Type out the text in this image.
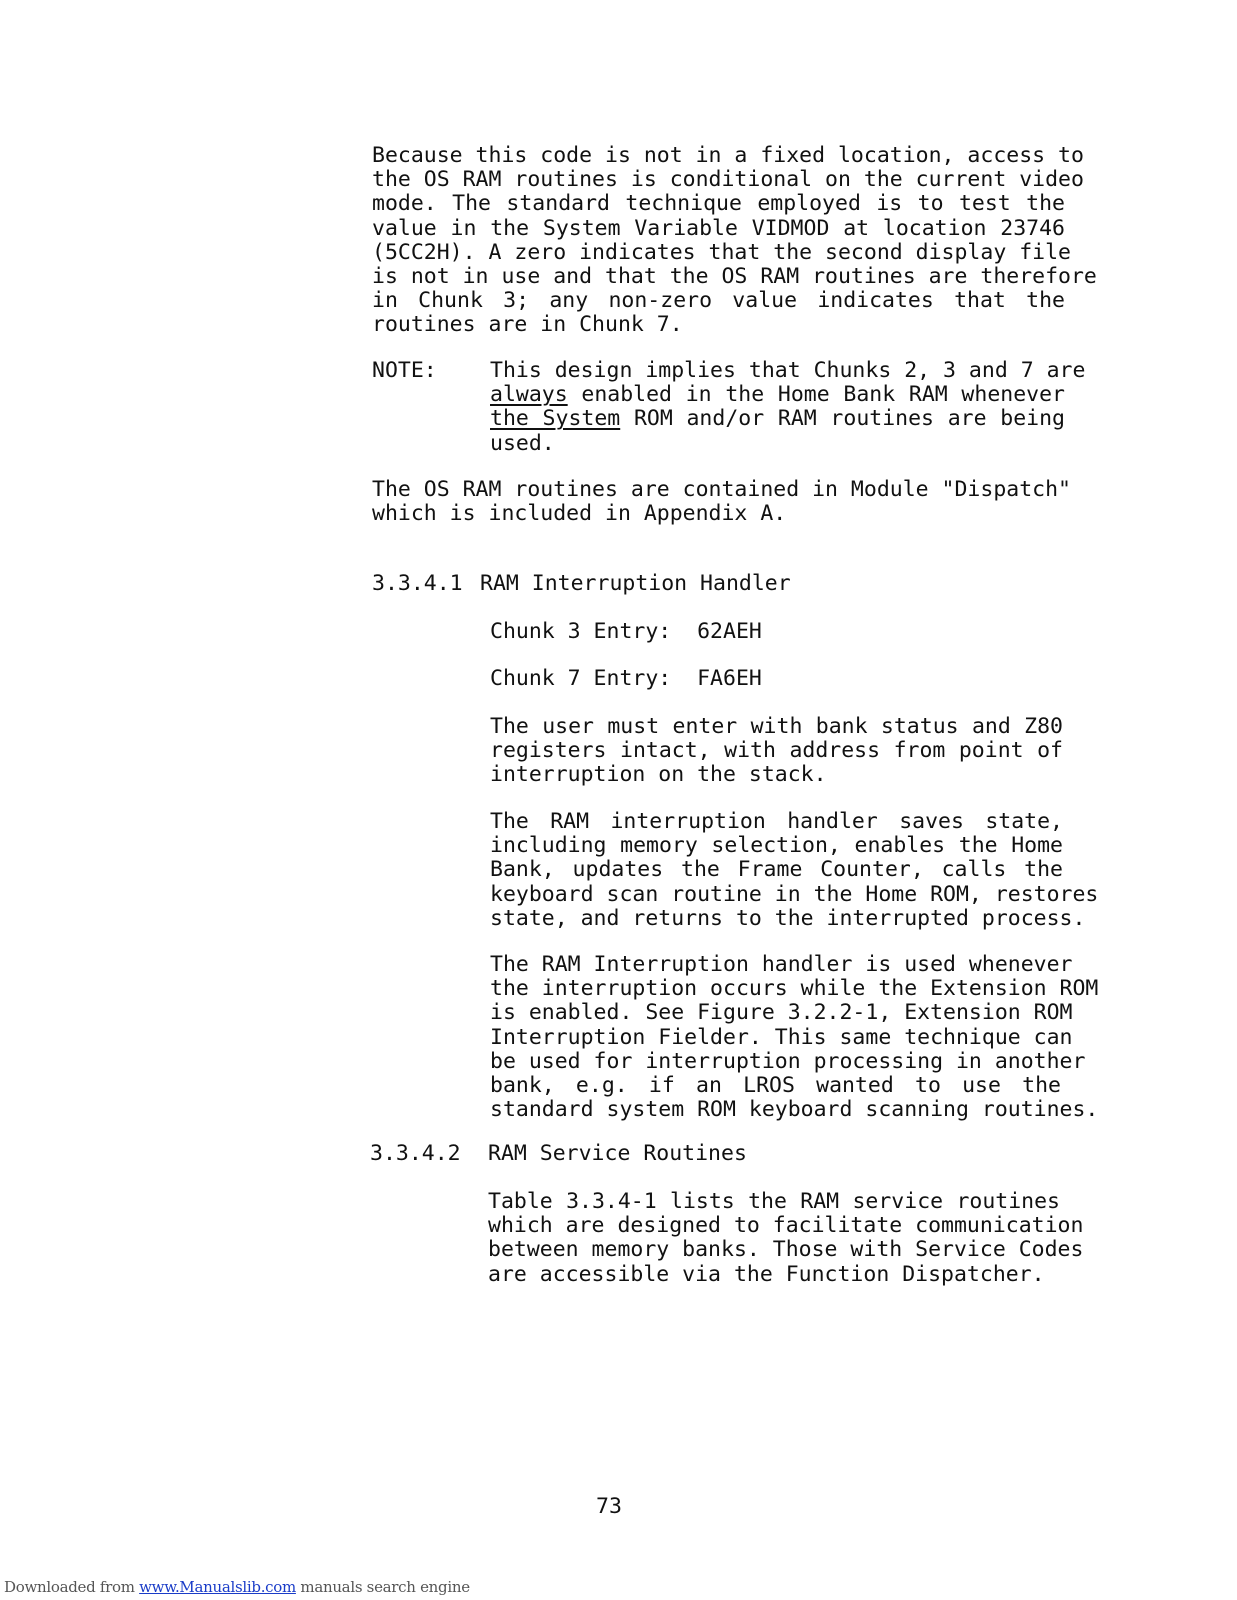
Because this code is not in a fixed location, access to
the OS RAM routines is conditional on the current video
mode. The standard technique employed is to test the
value in the System Variable VIDMOD at location 23746
(5CC2H). A zero indicates that the second display file
is not in use and that the OS RAM routines are therefore
in Chunk 3; any non-zero value indicates that the
routines are in Chunk 7.
NOTE: This design implies that Chunks 2, 3 and 7 are
always enabled in the Home Bank RAM whenever
the System ROM and/or RAM routines are being
used.
The OS RAM routines are contained in Module "Dispatch"
which is included in Appendix A.
3.3.4.1 RAM Interruption Handler
Chunk 3 Entry:  62AEH
Chunk 7 Entry:  FA6EH
The user must enter with bank status and Z80
registers intact, with address from point of
interruption on the stack.
The RAM interruption handler saves state,
including memory selection, enables the Home
Bank, updates the Frame Counter, calls the
keyboard scan routine in the Home ROM, restores
state, and returns to the interrupted process.
The RAM Interruption handler is used whenever
the interruption occurs while the Extension ROM
is enabled. See Figure 3.2.2-1, Extension ROM
Interruption Fielder. This same technique can
be used for interruption processing in another
bank, e.g. if an LROS wanted to use the
standard system ROM keyboard scanning routines.
3.3.4.2 RAM Service Routines
Table 3.3.4-1 lists the RAM service routines
which are designed to facilitate communication
between memory banks. Those with Service Codes
are accessible via the Function Dispatcher.
73
Downloaded from www.Manualslib.com manuals search engine
